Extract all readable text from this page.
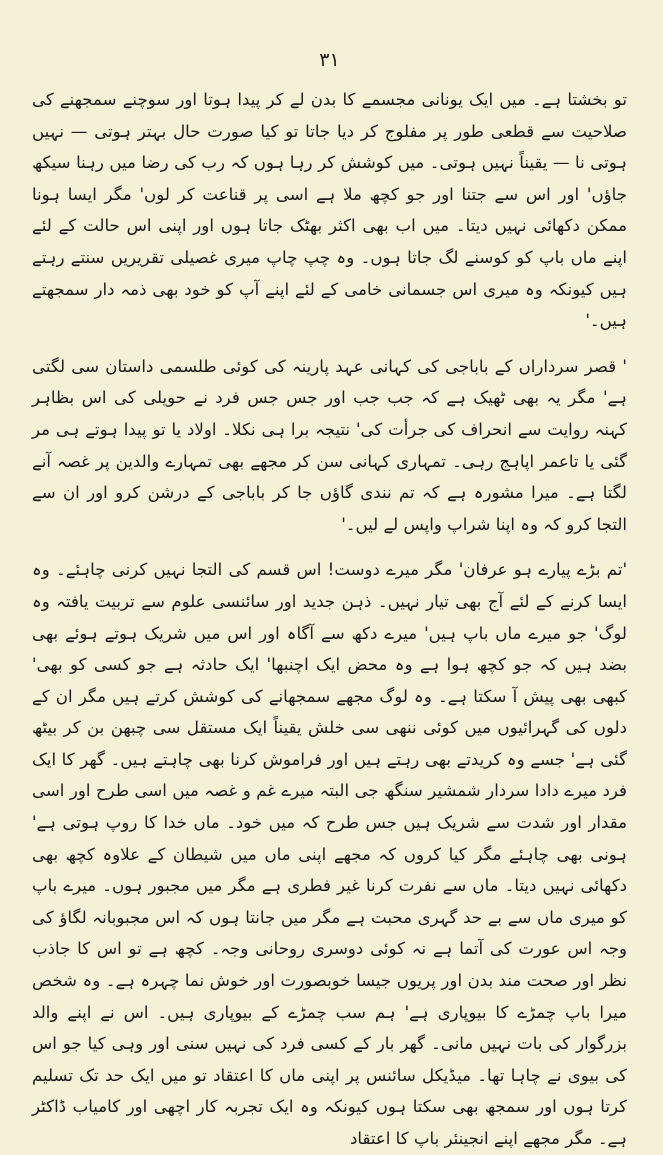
۳۱

تو بخشتا ہے۔ میں ایک یونانی مجسمے کا بدن لے کر پیدا ہوتا اور سوچنے سمجھنے کی صلاحیت سے قطعی طور پر مفلوج کر دیا جاتا تو کیا صورت حال بہتر ہوتی — نہیں ہوتی نا — یقیناً نہیں ہوتی۔ میں کوشش کر رہا ہوں کہ رب کی رضا میں رہنا سیکھ جاؤں' اور اس سے جتنا اور جو کچھ ملا ہے اسی پر قناعت کر لوں' مگر ایسا ہونا ممکن دکھائی نہیں دیتا۔ میں اب بھی اکثر بھٹک جاتا ہوں اور اپنی اس حالت کے لئے اپنے ماں باپ کو کوسنے لگ جاتا ہوں۔ وہ چپ چاپ میری غصیلی تقریریں سنتے رہتے ہیں کیونکہ وہ میری اس جسمانی خامی کے لئے اپنے آپ کو خود بھی ذمہ دار سمجھتے ہیں۔'

' قصر سرداراں کے باباجی کی کہانی عہد پارینہ کی کوئی طلسمی داستان سی لگتی ہے' مگر یہ بھی ٹھیک ہے کہ جب جب اور جس جس فرد نے حویلی کی اس بظاہر کہنہ روایت سے انحراف کی جرأت کی' نتیجہ برا ہی نکلا۔ اولاد یا تو پیدا ہوتے ہی مر گئی یا تاعمر اپاہج رہی۔ تمہاری کہانی سن کر مجھے بھی تمہارے والدین پر غصہ آنے لگتا ہے۔ میرا مشورہ ہے کہ تم نندی گاؤں جا کر باباجی کے درشن کرو اور ان سے التجا کرو کہ وہ اپنا شراپ واپس لے لیں۔'

'تم بڑے پیارے ہو عرفان' مگر میرے دوست! اس قسم کی التجا نہیں کرنی چاہئے۔ وہ ایسا کرنے کے لئے آج بھی تیار نہیں۔ ذہن جدید اور سائنسی علوم سے تربیت یافتہ وہ لوگ' جو میرے ماں باپ ہیں' میرے دکھ سے آگاہ اور اس میں شریک ہوتے ہوئے بھی بضد ہیں کہ جو کچھ ہوا ہے وہ محض ایک اچنبھا' ایک حادثہ ہے جو کسی کو بھی' کبھی بھی پیش آ سکتا ہے۔ وہ لوگ مجھے سمجھانے کی کوشش کرتے ہیں مگر ان کے دلوں کی گہرائیوں میں کوئی ننھی سی خلش یقیناً ایک مستقل سی چبھن بن کر بیٹھ گئی ہے' جسے وہ کریدتے بھی رہتے ہیں اور فراموش کرنا بھی چاہتے ہیں۔ گھر کا ایک فرد میرے دادا سردار شمشیر سنگھ جی البتہ میرے غم و غصہ میں اسی طرح اور اسی مقدار اور شدت سے شریک ہیں جس طرح کہ میں خود۔ ماں خدا کا روپ ہوتی ہے' ہونی بھی چاہئے مگر کیا کروں کہ مجھے اپنی ماں میں شیطان کے علاوہ کچھ بھی دکھائی نہیں دیتا۔ ماں سے نفرت کرنا غیر فطری ہے مگر میں مجبور ہوں۔ میرے باپ کو میری ماں سے بے حد گہری محبت ہے مگر میں جانتا ہوں کہ اس مجبوبانہ لگاؤ کی وجہ اس عورت کی آتما ہے نہ کوئی دوسری روحانی وجہ۔ کچھ ہے تو اس کا جاذب نظر اور صحت مند بدن اور پریوں جیسا خوبصورت اور خوش نما چہرہ ہے۔ وہ شخص میرا باپ چمڑے کا بیوپاری ہے' ہم سب چمڑے کے بیوپاری ہیں۔ اس نے اپنے والد بزرگوار کی بات نہیں مانی۔ گھر بار کے کسی فرد کی نہیں سنی اور وہی کیا جو اس کی بیوی نے چاہا تھا۔ میڈیکل سائنس پر اپنی ماں کا اعتقاد تو میں ایک حد تک تسلیم کرتا ہوں اور سمجھ بھی سکتا ہوں کیونکہ وہ ایک تجربہ کار اچھی اور کامیاب ڈاکٹر ہے۔ مگر مجھے اپنے انجینئر باپ کا اعتقاد
